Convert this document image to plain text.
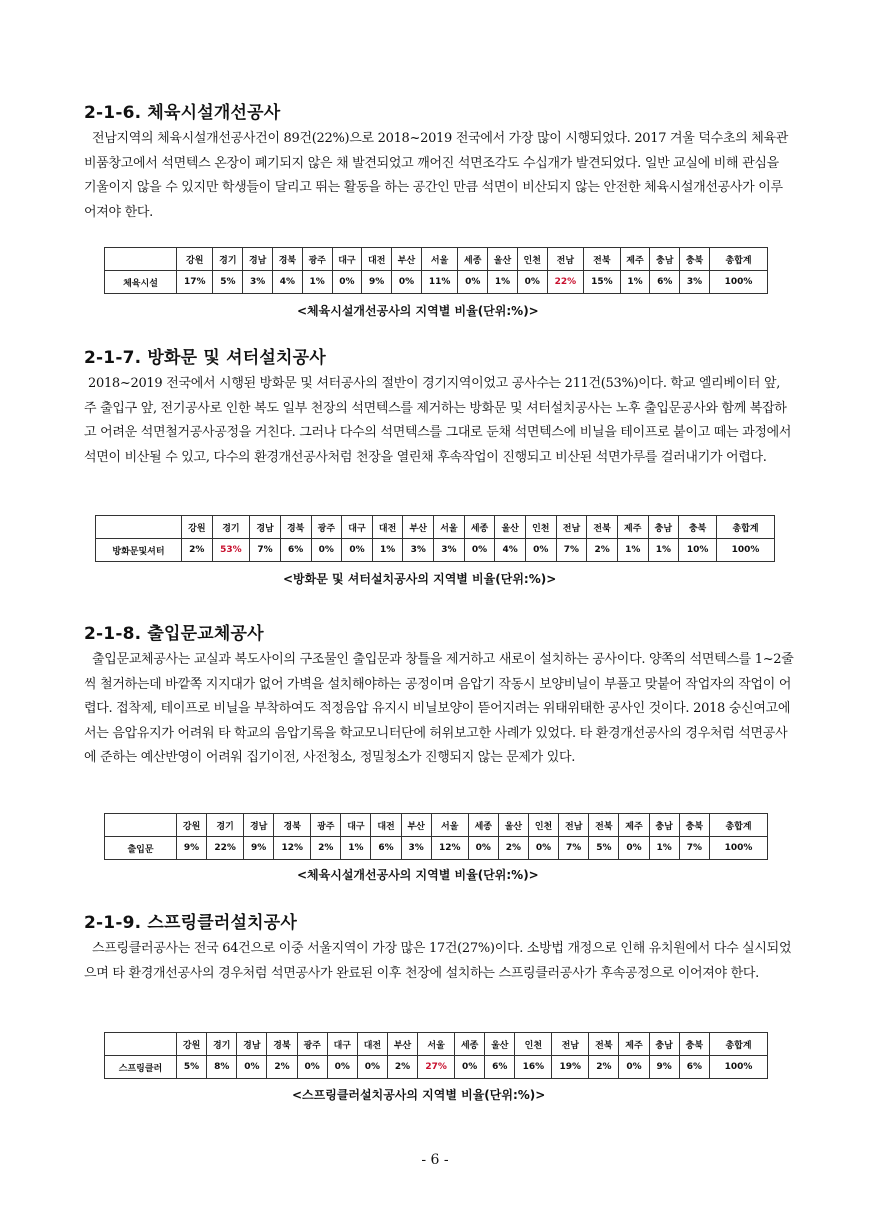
2-1-6. 체육시설개선공사

전남지역의 체육시설개선공사건이 89건(22%)으로 2018~2019 전국에서 가장 많이 시행되었다. 2017 겨울 덕수초의 체육관 비품창고에서 석면텍스 온장이 폐기되지 않은 채 발견되었고 깨어진 석면조각도 수십개가 발견되었다. 일반 교실에 비해 관심을 기울이지 않을 수 있지만 학생들이 달리고 뛰는 활동을 하는 공간인 만큼 석면이 비산되지 않는 안전한 체육시설개선공사가 이루어져야 한다.

	강원	경기	경남	경북	광주	대구	대전	부산	서울	세종	울산	인천	전남	전북	제주	충남	충북	총합계
체육시설	17%	5%	3%	4%	1%	0%	9%	0%	11%	0%	1%	0%	22%	15%	1%	6%	3%	100%
<체육시설개선공사의 지역별 비율(단위:%)>
2-1-7. 방화문 및 셔터설치공사

2018~2019 전국에서 시행된 방화문 및 셔터공사의 절반이 경기지역이었고 공사수는 211건(53%)이다. 학교 엘리베이터 앞, 주 출입구 앞, 전기공사로 인한 복도 일부 천장의 석면텍스를 제거하는 방화문 및 셔터설치공사는 노후 출입문공사와 함께 복잡하고 어려운 석면철거공사공정을 거친다. 그러나 다수의 석면텍스를 그대로 둔채 석면텍스에 비닐을 테이프로 붙이고 떼는 과정에서 석면이 비산될 수 있고, 다수의 환경개선공사처럼 천장을 열린채 후속작업이 진행되고 비산된 석면가루를 걸러내기가 어렵다.

	강원	경기	경남	경북	광주	대구	대전	부산	서울	세종	울산	인천	전남	전북	제주	충남	충북	총합계
방화문및셔터	2%	53%	7%	6%	0%	0%	1%	3%	3%	0%	4%	0%	7%	2%	1%	1%	10%	100%
<방화문 및 셔터설치공사의 지역별 비율(단위:%)>
2-1-8. 출입문교체공사

출입문교체공사는 교실과 복도사이의 구조물인 출입문과 창틀을 제거하고 새로이 설치하는 공사이다. 양쪽의 석면텍스를 1~2줄씩 철거하는데 바깥쪽 지지대가 없어 가벽을 설치해야하는 공정이며 음압기 작동시 보양비닐이 부풀고 맞붙어 작업자의 작업이 어렵다. 접착제, 테이프로 비닐을 부착하여도 적정음압 유지시 비닐보양이 뜯어지려는 위태위태한 공사인 것이다. 2018 숭신여고에서는 음압유지가 어려워 타 학교의 음압기록을 학교모니터단에 허위보고한 사례가 있었다. 타 환경개선공사의 경우처럼 석면공사에 준하는 예산반영이 어려워 집기이전, 사전청소, 정밀청소가 진행되지 않는 문제가 있다.

	강원	경기	경남	경북	광주	대구	대전	부산	서울	세종	울산	인천	전남	전북	제주	충남	충북	총합계
출입문	9%	22%	9%	12%	2%	1%	6%	3%	12%	0%	2%	0%	7%	5%	0%	1%	7%	100%
<체육시설개선공사의 지역별 비율(단위:%)>
2-1-9. 스프링클러설치공사

스프링클러공사는 전국 64건으로 이중 서울지역이 가장 많은 17건(27%)이다. 소방법 개정으로 인해 유치원에서 다수 실시되었으며 타 환경개선공사의 경우처럼 석면공사가 완료된 이후 천장에 설치하는 스프링클러공사가 후속공정으로 이어져야 한다.

	강원	경기	경남	경북	광주	대구	대전	부산	서울	세종	울산	인천	전남	전북	제주	충남	충북	총합계
스프링클러	5%	8%	0%	2%	0%	0%	0%	2%	27%	0%	6%	16%	19%	2%	0%	9%	6%	100%
<스프링클러설치공사의 지역별 비율(단위:%)>
- 6 -
